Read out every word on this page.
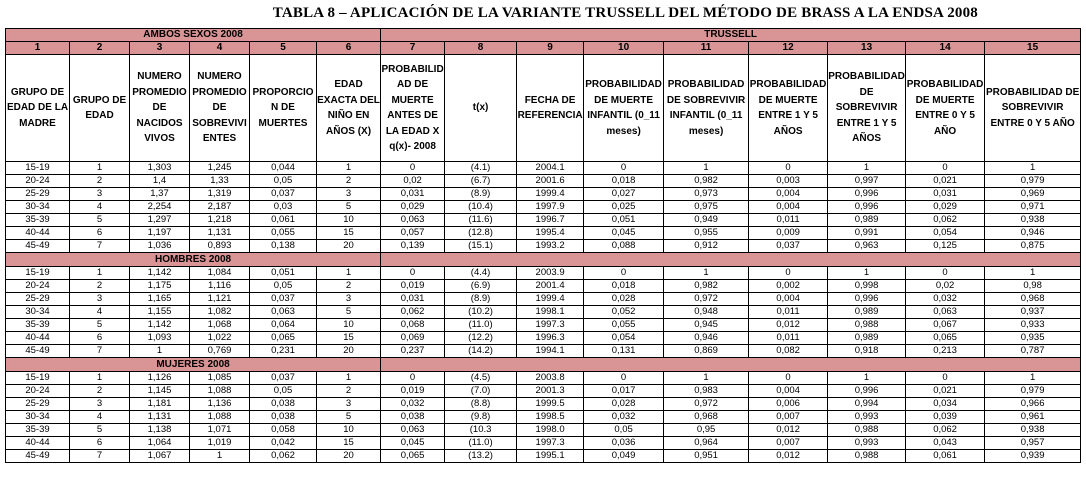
TABLA 8 – APLICACIÓN DE LA VARIANTE TRUSSELL DEL MÉTODO DE BRASS A LA ENDSA 2008
AMBOS SEXOS 2008						TRUSSELL								
1	2	3	4	5	6	7	8	9	10	11	12	13	14	15
GRUPO DE EDAD DE LA MADRE	GRUPO DE EDAD	NUMERO PROMEDIO DE NACIDOS VIVOS	NUMERO PROMEDIO DE SOBREVIVIENTES	PROPORCION DE MUERTES	EDAD EXACTA DEL NIÑO EN AÑOS (X)	PROBABILIDAD DE MUERTE ANTES DE LA EDAD X q(x)- 2008	t(x)	FECHA DE REFERENCIA	PROBABILIDAD DE MUERTE INFANTIL (0_11 meses)	PROBABILIDAD DE SOBREVIVIR INFANTIL (0_11 meses)	PROBABILIDAD DE MUERTE ENTRE 1 Y 5 AÑOS	PROBABILIDAD DE SOBREVIVIR ENTRE 1 Y 5 AÑOS	PROBABILIDAD DE MUERTE ENTRE 0 Y 5 AÑO	PROBABILIDAD DE SOBREVIVIR ENTRE 0 Y 5 AÑO
15-19	1	1,303	1,245	0,044	1	0	(4.1)	2004.1	0	1	0	1	0	1
20-24	2	1,4	1,33	0,05	2	0,02	(6.7)	2001.6	0,018	0,982	0,003	0,997	0,021	0,979
25-29	3	1,37	1,319	0,037	3	0,031	(8.9)	1999.4	0,027	0,973	0,004	0,996	0,031	0,969
30-34	4	2,254	2,187	0,03	5	0,029	(10.4)	1997.9	0,025	0,975	0,004	0,996	0,029	0,971
35-39	5	1,297	1,218	0,061	10	0,063	(11.6)	1996.7	0,051	0,949	0,011	0,989	0,062	0,938
40-44	6	1,197	1,131	0,055	15	0,057	(12.8)	1995.4	0,045	0,955	0,009	0,991	0,054	0,946
45-49	7	1,036	0,893	0,138	20	0,139	(15.1)	1993.2	0,088	0,912	0,037	0,963	0,125	0,875
HOMBRES 2008														
15-19	1	1,142	1,084	0,051	1	0	(4.4)	2003.9	0	1	0	1	0	1
20-24	2	1,175	1,116	0,05	2	0,019	(6.9)	2001.4	0,018	0,982	0,002	0,998	0,02	0,98
25-29	3	1,165	1,121	0,037	3	0,031	(8.9)	1999.4	0,028	0,972	0,004	0,996	0,032	0,968
30-34	4	1,155	1,082	0,063	5	0,062	(10.2)	1998.1	0,052	0,948	0,011	0,989	0,063	0,937
35-39	5	1,142	1,068	0,064	10	0,068	(11.0)	1997.3	0,055	0,945	0,012	0,988	0,067	0,933
40-44	6	1,093	1,022	0,065	15	0,069	(12.2)	1996.3	0,054	0,946	0,011	0,989	0,065	0,935
45-49	7	1	0,769	0,231	20	0,237	(14.2)	1994.1	0,131	0,869	0,082	0,918	0,213	0,787
MUJERES 2008														
15-19	1	1,126	1,085	0,037	1	0	(4.5)	2003.8	0	1	0	1	0	1
20-24	2	1,145	1,088	0,05	2	0,019	(7.0)	2001.3	0,017	0,983	0,004	0,996	0,021	0,979
25-29	3	1,181	1,136	0,038	3	0,032	(8.8)	1999.5	0,028	0,972	0,006	0,994	0,034	0,966
30-34	4	1,131	1,088	0,038	5	0,038	(9.8)	1998.5	0,032	0,968	0,007	0,993	0,039	0,961
35-39	5	1,138	1,071	0,058	10	0,063	(10.3	1998.0	0,05	0,95	0,012	0,988	0,062	0,938
40-44	6	1,064	1,019	0,042	15	0,045	(11.0)	1997.3	0,036	0,964	0,007	0,993	0,043	0,957
45-49	7	1,067	1	0,062	20	0,065	(13.2)	1995.1	0,049	0,951	0,012	0,988	0,061	0,939
